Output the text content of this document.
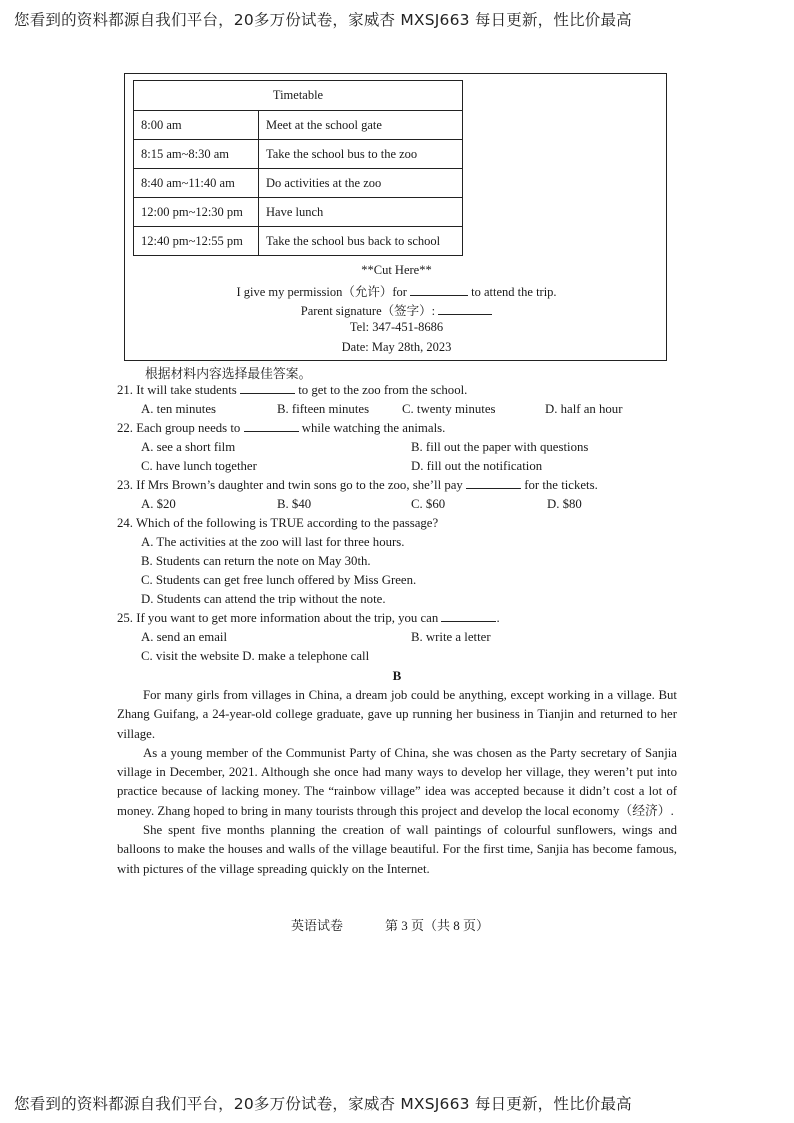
您看到的资料都源自我们平台，20多万份试卷，家威杏 MXSJ663 每日更新，性比价最高
Timetable	
8:00 am	Meet at the school gate
8:15 am~8:30 am	Take the school bus to the zoo
8:40 am~11:40 am	Do activities at the zoo
12:00 pm~12:30 pm	Have lunch
12:40 pm~12:55 pm	Take the school bus back to school
**Cut Here**
I give my permission（允许）for	to attend the trip.
Parent signature（签字）:
Tel: 347-451-8686
Date: May 28th, 2023
根据材料内容选择最佳答案。
21. It will take students	to get to the zoo from the school.
A. ten minutes	B. fifteen minutes	C. twenty minutes	D. half an hour
22. Each group needs to	while watching the animals.
A. see a short film	B. fill out the paper with questions
C. have lunch together	D. fill out the notification
23. If Mrs Brown’s daughter and twin sons go to the zoo, she’ll pay	for the tickets.
A. $20	B. $40	C. $60	D. $80
24. Which of the following is TRUE according to the passage?
A. The activities at the zoo will last for three hours.
B. Students can return the note on May 30th.
C. Students can get free lunch offered by Miss Green.
D. Students can attend the trip without the note.
25. If you want to get more information about the trip, you can	.
A. send an email	B. write a letter
C. visit the website D. make a telephone call
B

For many girls from villages in China, a dream job could be anything, except working in a village. But Zhang Guifang, a 24-year-old college graduate, gave up running her business in Tianjin and returned to her village.

As a young member of the Communist Party of China, she was chosen as the Party secretary of Sanjia village in December, 2021. Although she once had many ways to develop her village, they weren’t put into practice because of lacking money. The “rainbow village” idea was accepted because it didn’t cost a lot of money. Zhang hoped to bring in many tourists through this project and develop the local economy（经济）.

She spent five months planning the creation of wall paintings of colourful sunflowers, wings and balloons to make the houses and walls of the village beautiful. For the first time, Sanjia has become famous, with pictures of the village spreading quickly on the Internet.

英语试卷	第 3 页（共 8 页）
您看到的资料都源自我们平台，20多万份试卷，家威杏 MXSJ663 每日更新，性比价最高
